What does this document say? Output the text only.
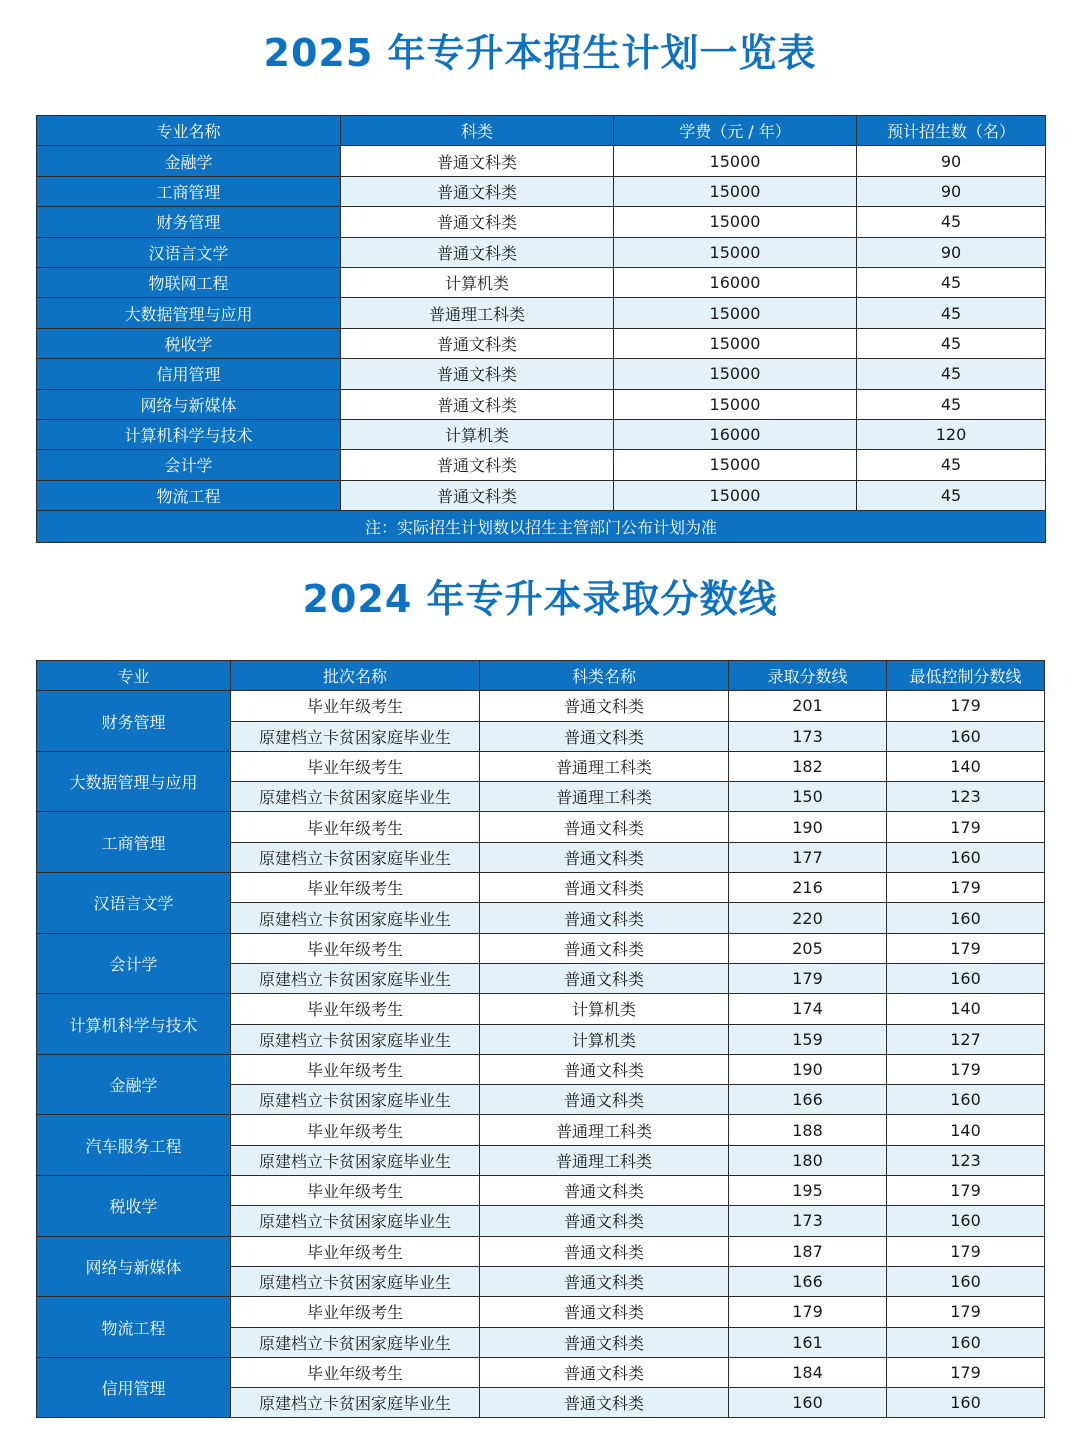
2025 年专升本招生计划一览表
专业名称	科类	学费（元 / 年）	预计招生数（名）
金融学	普通文科类	15000	90
工商管理	普通文科类	15000	90
财务管理	普通文科类	15000	45
汉语言文学	普通文科类	15000	90
物联网工程	计算机类	16000	45
大数据管理与应用	普通理工科类	15000	45
税收学	普通文科类	15000	45
信用管理	普通文科类	15000	45
网络与新媒体	普通文科类	15000	45
计算机科学与技术	计算机类	16000	120
会计学	普通文科类	15000	45
物流工程	普通文科类	15000	45
注：实际招生计划数以招生主管部门公布计划为准			
2024 年专升本录取分数线
专业	批次名称	科类名称	录取分数线	最低控制分数线
财务管理	毕业年级考生	普通文科类	201	179
	原建档立卡贫困家庭毕业生	普通文科类	173	160
大数据管理与应用	毕业年级考生	普通理工科类	182	140
	原建档立卡贫困家庭毕业生	普通理工科类	150	123
工商管理	毕业年级考生	普通文科类	190	179
	原建档立卡贫困家庭毕业生	普通文科类	177	160
汉语言文学	毕业年级考生	普通文科类	216	179
	原建档立卡贫困家庭毕业生	普通文科类	220	160
会计学	毕业年级考生	普通文科类	205	179
	原建档立卡贫困家庭毕业生	普通文科类	179	160
计算机科学与技术	毕业年级考生	计算机类	174	140
	原建档立卡贫困家庭毕业生	计算机类	159	127
金融学	毕业年级考生	普通文科类	190	179
	原建档立卡贫困家庭毕业生	普通文科类	166	160
汽车服务工程	毕业年级考生	普通理工科类	188	140
	原建档立卡贫困家庭毕业生	普通理工科类	180	123
税收学	毕业年级考生	普通文科类	195	179
	原建档立卡贫困家庭毕业生	普通文科类	173	160
网络与新媒体	毕业年级考生	普通文科类	187	179
	原建档立卡贫困家庭毕业生	普通文科类	166	160
物流工程	毕业年级考生	普通文科类	179	179
	原建档立卡贫困家庭毕业生	普通文科类	161	160
信用管理	毕业年级考生	普通文科类	184	179
	原建档立卡贫困家庭毕业生	普通文科类	160	160
